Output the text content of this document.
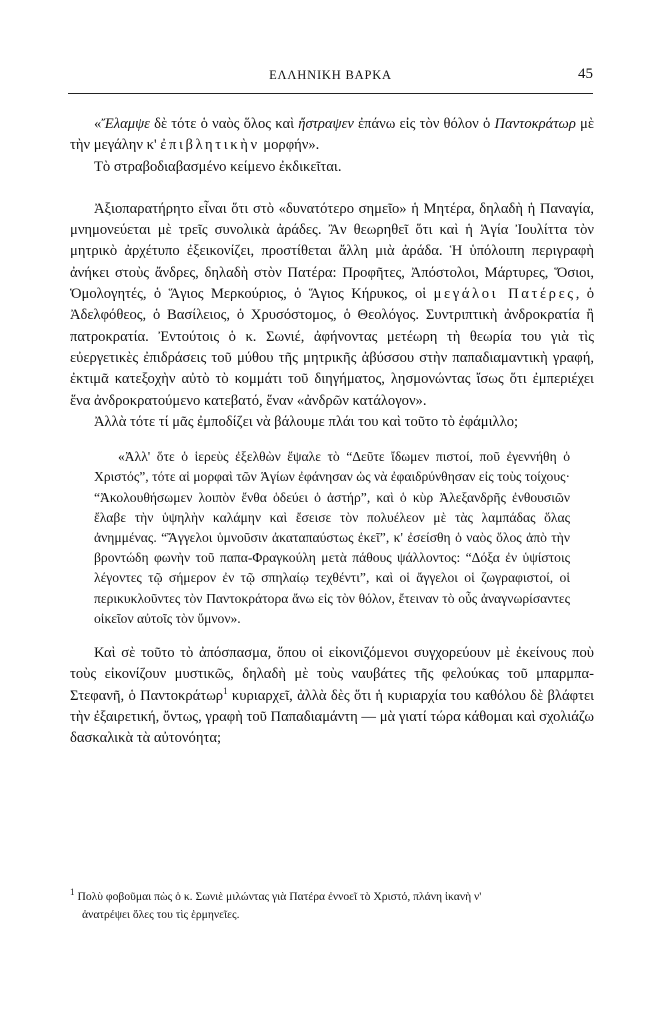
ΕΛΛΗΝΙΚΗ ΒΑΡΚΑ	45

«Ἔλαμψε δὲ τότε ὁ ναὸς ὅλος καὶ ἤστραψεν ἐπάνω εἰς τὸν θόλον ὁ Παντοκράτωρ μὲ τὴν μεγάλην κ' ἐπιβλητικὴν μορφήν».

Τὸ στραβοδιαβασμένο κείμενο ἐκδικεῖται.

Ἀξιοπαρατήρητο εἶναι ὅτι στὸ «δυνατότερο σημεῖο» ἡ Μητέρα, δηλαδὴ ἡ Παναγία, μνημονεύεται μὲ τρεῖς συνολικὰ ἀράδες. Ἂν θεωρηθεῖ ὅτι καὶ ἡ Ἁγία Ἰουλίττα τὸν μητρικὸ ἀρχέτυπο ἐξεικονίζει, προστίθεται ἄλλη μιὰ ἀράδα. Ἡ ὑπόλοιπη περιγραφὴ ἀνήκει στοὺς ἄνδρες, δηλαδὴ στὸν Πατέρα: Προφῆτες, Ἀπόστολοι, Μάρτυρες, Ὅσιοι, Ὁμολογητές, ὁ Ἅγιος Μερκούριος, ὁ Ἅγιος Κήρυκος, οἱ μεγάλοι Πατέρες, ὁ Ἀδελφόθεος, ὁ Βασίλειος, ὁ Χρυσόστομος, ὁ Θεολόγος. Συντριπτικὴ ἀνδροκρατία ἢ πατροκρατία. Ἐντούτοις ὁ κ. Σωνιέ, ἀφήνοντας μετέωρη τὴ θεωρία του γιὰ τὶς εὐεργετικὲς ἐπιδράσεις τοῦ μύθου τῆς μητρικῆς ἀβύσσου στὴν παπαδιαμαντικὴ γραφή, ἐκτιμᾶ κατεξοχὴν αὐτὸ τὸ κομμάτι τοῦ διηγήματος, λησμονώντας ἴσως ὅτι ἐμπεριέχει ἕνα ἀνδροκρατούμενο κατεβατό, ἕναν «ἀνδρῶν κατάλογον».

Ἀλλὰ τότε τί μᾶς ἐμποδίζει νὰ βάλουμε πλάι του καὶ τοῦτο τὸ ἐφάμιλλο;

«Ἀλλ' ὅτε ὁ ἱερεὺς ἐξελθὼν ἔψαλε τὸ “Δεῦτε ἴδωμεν πιστοί, ποῦ ἐγεννήθη ὁ Χριστός”, τότε αἱ μορφαὶ τῶν Ἁγίων ἐφάνησαν ὡς νὰ ἐφαιδρύνθησαν εἰς τοὺς τοίχους· “Ἀκολουθήσωμεν λοιπὸν ἔνθα ὁδεύει ὁ ἀστήρ”, καὶ ὁ κὺρ Ἀλεξανδρῆς ἐνθουσιῶν ἔλαβε τὴν ὑψηλὴν καλάμην καὶ ἔσεισε τὸν πολυέλεον μὲ τὰς λαμπάδας ὅλας ἀνημμένας. “Ἄγγελοι ὑμνοῦσιν ἀκαταπαύστως ἐκεῖ”, κ' ἐσείσθη ὁ ναὸς ὅλος ἀπὸ τὴν βροντώδη φωνὴν τοῦ παπα-Φραγκούλη μετὰ πάθους ψάλλοντος: “Δόξα ἐν ὑψίστοις λέγοντες τῷ σήμερον ἐν τῷ σπηλαίῳ τεχθέντι”, καὶ οἱ ἄγγελοι οἱ ζωγραφιστοί, οἱ περικυκλοῦντες τὸν Παντοκράτορα ἄνω εἰς τὸν θόλον, ἔτειναν τὸ οὖς ἀναγνωρίσαντες οἰκεῖον αὐτοῖς τὸν ὕμνον».

Καὶ σὲ τοῦτο τὸ ἀπόσπασμα, ὅπου οἱ εἰκονιζόμενοι συγχορεύουν μὲ ἐκείνους ποὺ τοὺς εἰκονίζουν μυστικῶς, δηλαδὴ μὲ τοὺς ναυβάτες τῆς φελούκας τοῦ μπαρμπα-Στεφανῆ, ὁ Παντοκράτωρ$^1$ κυριαρχεῖ, ἀλλὰ δὲς ὅτι ἡ κυριαρχία του καθόλου δὲ βλάφτει τὴν ἐξαιρετική, ὄντως, γραφὴ τοῦ Παπαδιαμάντη — μὰ γιατί τώρα κάθομαι καὶ σχολιάζω δασκαλικὰ τὰ αὐτονόητα;

$^1$ Πολὺ φοβοῦμαι πὼς ὁ κ. Σωνιὲ μιλώντας γιὰ Πατέρα ἐννοεῖ τὸ Χριστό, πλάνη ἱκανὴ ν'
ἀνατρέψει ὅλες του τὶς ἑρμηνεῖες.
